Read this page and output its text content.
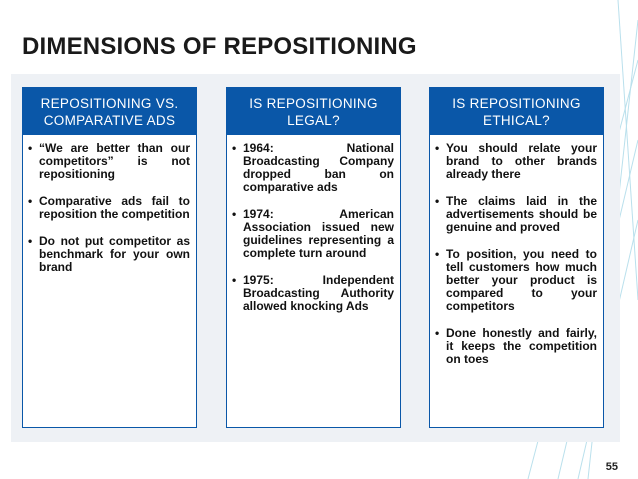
DIMENSIONS OF REPOSITIONING
REPOSITIONING VS. COMPARATIVE ADS
• “We are better than our competitors” is not repositioning
• Comparative ads fail to reposition the competition
• Do not put competitor as benchmark for your own brand
IS REPOSITIONING LEGAL?
• 1964: National Broadcasting Company dropped ban on comparative ads
• 1974: American Association issued new guidelines representing a complete turn around
• 1975: Independent Broadcasting Authority allowed knocking Ads
IS REPOSITIONING ETHICAL?
• You should relate your brand to other brands already there
• The claims laid in the advertisements should be genuine and proved
• To position, you need to tell customers how much better your product is compared to your competitors
• Done honestly and fairly, it keeps the competition on toes
55
